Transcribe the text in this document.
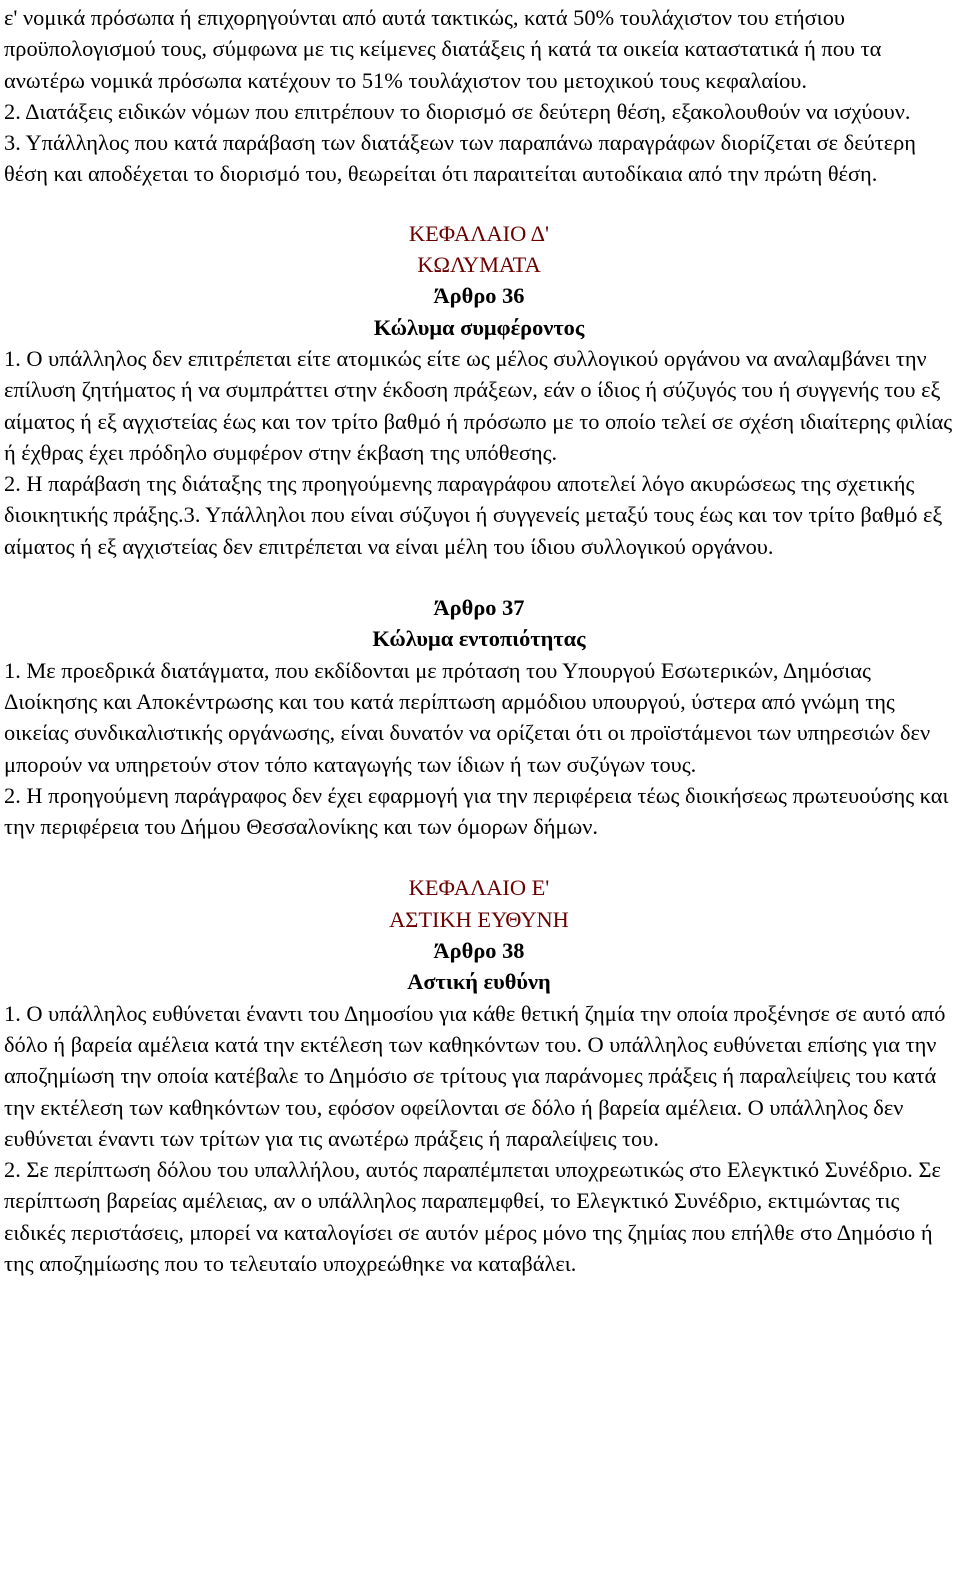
ε' νομικά πρόσωπα ή επιχορηγούνται από αυτά τακτικώς, κατά 50% τουλάχιστον του ετήσιου προϋπολογισμού τους, σύμφωνα με τις κείμενες διατάξεις ή κατά τα οικεία καταστατικά ή που τα ανωτέρω νομικά πρόσωπα κατέχουν το 51% τουλάχιστον του μετοχικού τους κεφαλαίου.

2. Διατάξεις ειδικών νόμων που επιτρέπουν το διορισμό σε δεύτερη θέση, εξακολουθούν να ισχύουν.

3. Υπάλληλος που κατά παράβαση των διατάξεων των παραπάνω παραγράφων διορίζεται σε δεύτερη θέση και αποδέχεται το διορισμό του, θεωρείται ότι παραιτείται αυτοδίκαια από την πρώτη θέση.

ΚΕΦΑΛΑΙΟ Δ'

ΚΩΛΥΜΑΤΑ

Άρθρο 36

Κώλυμα συμφέροντος

1. Ο υπάλληλος δεν επιτρέπεται είτε ατομικώς είτε ως μέλος συλλογικού οργάνου να αναλαμβάνει την επίλυση ζητήματος ή να συμπράττει στην έκδοση πράξεων, εάν ο ίδιος ή σύζυγός του ή συγγενής του εξ αίματος ή εξ αγχιστείας έως και τον τρίτο βαθμό ή πρόσωπο με το οποίο τελεί σε σχέση ιδιαίτερης φιλίας ή έχθρας έχει πρόδηλο συμφέρον στην έκβαση της υπόθεσης.

2. Η παράβαση της διάταξης της προηγούμενης παραγράφου αποτελεί λόγο ακυρώσεως της σχετικής διοικητικής πράξης.3. Υπάλληλοι που είναι σύζυγοι ή συγγενείς μεταξύ τους έως και τον τρίτο βαθμό εξ αίματος ή εξ αγχιστείας δεν επιτρέπεται να είναι μέλη του ίδιου συλλογικού οργάνου.

Άρθρο 37

Κώλυμα εντοπιότητας

1. Με προεδρικά διατάγματα, που εκδίδονται με πρόταση του Υπουργού Εσωτερικών, Δημόσιας Διοίκησης και Αποκέντρωσης και του κατά περίπτωση αρμόδιου υπουργού, ύστερα από γνώμη της οικείας συνδικαλιστικής οργάνωσης, είναι δυνατόν να ορίζεται ότι οι προϊστάμενοι των υπηρεσιών δεν μπορούν να υπηρετούν στον τόπο καταγωγής των ίδιων ή των συζύγων τους.

2. Η προηγούμενη παράγραφος δεν έχει εφαρμογή για την περιφέρεια τέως διοικήσεως πρωτευούσης και την περιφέρεια του Δήμου Θεσσαλονίκης και των όμορων δήμων.

ΚΕΦΑΛΑΙΟ Ε'

ΑΣΤΙΚΗ ΕΥΘΥΝΗ

Άρθρο 38

Αστική ευθύνη

1. Ο υπάλληλος ευθύνεται έναντι του Δημοσίου για κάθε θετική ζημία την οποία προξένησε σε αυτό από δόλο ή βαρεία αμέλεια κατά την εκτέλεση των καθηκόντων του. Ο υπάλληλος ευθύνεται επίσης για την αποζημίωση την οποία κατέβαλε το Δημόσιο σε τρίτους για παράνομες πράξεις ή παραλείψεις του κατά την εκτέλεση των καθηκόντων του, εφόσον οφείλονται σε δόλο ή βαρεία αμέλεια. Ο υπάλληλος δεν ευθύνεται έναντι των τρίτων για τις ανωτέρω πράξεις ή παραλείψεις του.

2. Σε περίπτωση δόλου του υπαλλήλου, αυτός παραπέμπεται υποχρεωτικώς στο Ελεγκτικό Συνέδριο. Σε περίπτωση βαρείας αμέλειας, αν ο υπάλληλος παραπεμφθεί, το Ελεγκτικό Συνέδριο, εκτιμώντας τις ειδικές περιστάσεις, μπορεί να καταλογίσει σε αυτόν μέρος μόνο της ζημίας που επήλθε στο Δημόσιο ή της αποζημίωσης που το τελευταίο υποχρεώθηκε να καταβάλει.
